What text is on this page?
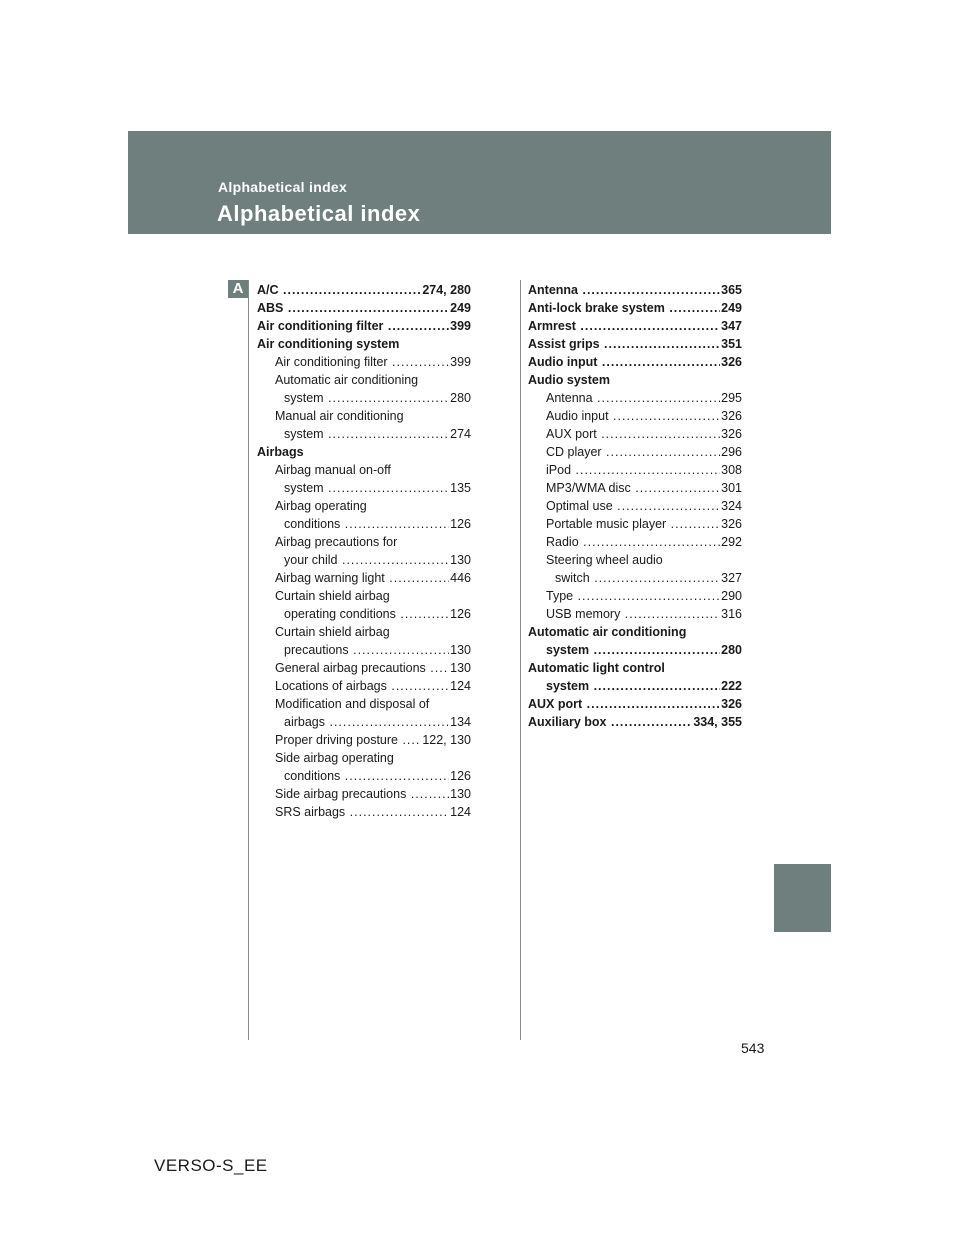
Alphabetical index
Alphabetical index
A	A/C .....	274, 280
ABS .....	249
Air conditioning filter .....	399
Air conditioning system
Air conditioning filter .....	399
Automatic air conditioning
system .....	280
Manual air conditioning
system .....	274
Airbags
Airbag manual on-off
system .....	135
Airbag operating
conditions .....	126
Airbag precautions for
your child .....	130
Airbag warning light .....	446
Curtain shield airbag
operating conditions .....	126
Curtain shield airbag
precautions .....	130
General airbag precautions .....	130
Locations of airbags .....	124
Modification and disposal of
airbags .....	134
Proper driving posture .....	122, 130
Side airbag operating
conditions .....	126
Side airbag precautions .....	130
SRS airbags .....	124
Antenna .....	365
Anti-lock brake system .....	249
Armrest .....	347
Assist grips .....	351
Audio input .....	326
Audio system
Antenna .....	295
Audio input .....	326
AUX port .....	326
CD player .....	296
iPod .....	308
MP3/WMA disc .....	301
Optimal use .....	324
Portable music player .....	326
Radio .....	292
Steering wheel audio
switch .....	327
Type .....	290
USB memory .....	316
Automatic air conditioning
system .....	280
Automatic light control
system .....	222
AUX port .....	326
Auxiliary box .....	334, 355
543
VERSO-S_EE
